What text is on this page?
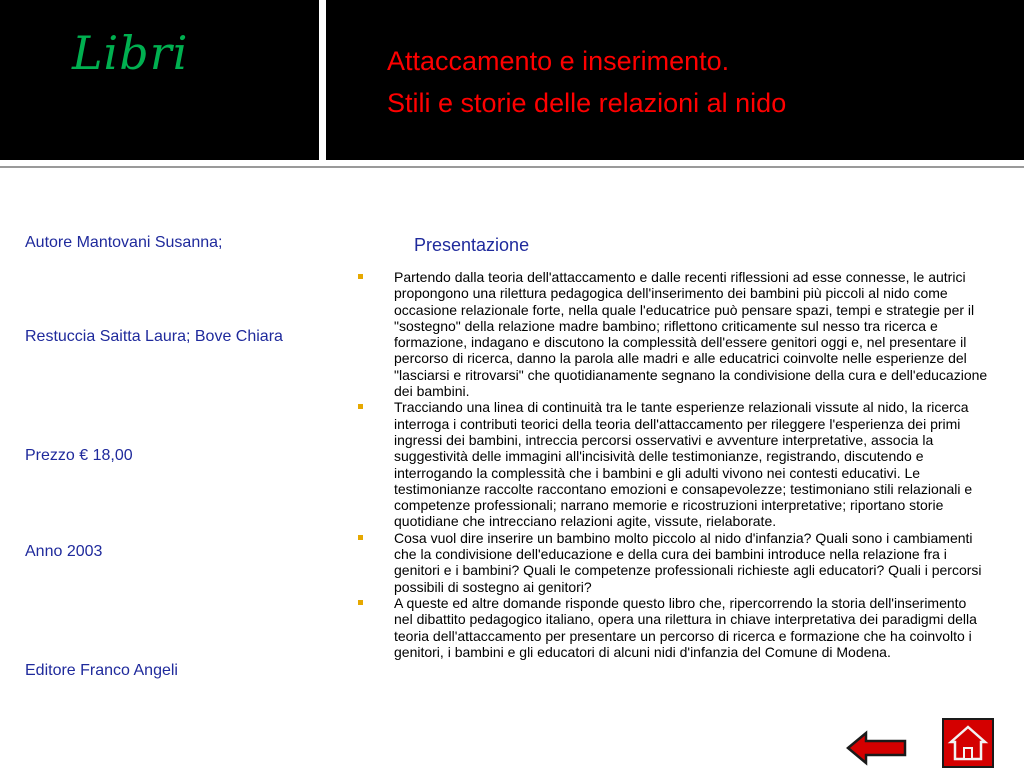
Libri	Attaccamento e inserimento.
Stili e storie delle relazioni al nido
Autore Mantovani Susanna;
Restuccia Saitta Laura; Bove Chiara
Prezzo € 18,00
Anno 2003
Editore Franco Angeli
Presentazione
Partendo dalla teoria dell'attaccamento e dalle recenti riflessioni ad esse connesse, le autrici propongono una rilettura pedagogica dell'inserimento dei bambini più piccoli al nido come occasione relazionale forte, nella quale l'educatrice può pensare spazi, tempi e strategie per il "sostegno" della relazione madre bambino; riflettono criticamente sul nesso tra ricerca e formazione, indagano e discutono la complessità dell'essere genitori oggi e, nel presentare il percorso di ricerca, danno la parola alle madri e alle educatrici coinvolte nelle esperienze del "lasciarsi e ritrovarsi" che quotidianamente segnano la condivisione della cura e dell'educazione dei bambini.
Tracciando una linea di continuità tra le tante esperienze relazionali vissute al nido, la ricerca interroga i contributi teorici della teoria dell'attaccamento per rileggere l'esperienza dei primi ingressi dei bambini, intreccia percorsi osservativi e avventure interpretative, associa la suggestività delle immagini all'incisività delle testimonianze, registrando, discutendo e interrogando la complessità che i bambini e gli adulti vivono nei contesti educativi. Le testimonianze raccolte raccontano emozioni e consapevolezze; testimoniano stili relazionali e competenze professionali; narrano memorie e ricostruzioni interpretative; riportano storie quotidiane che intrecciano relazioni agite, vissute, rielaborate.
Cosa vuol dire inserire un bambino molto piccolo al nido d'infanzia? Quali sono i cambiamenti che la condivisione dell'educazione e della cura dei bambini introduce nella relazione fra i genitori e i bambini? Quali le competenze professionali richieste agli educatori? Quali i percorsi possibili di sostegno ai genitori?
A queste ed altre domande risponde questo libro che, ripercorrendo la storia dell'inserimento nel dibattito pedagogico italiano, opera una rilettura in chiave interpretativa dei paradigmi della teoria dell'attaccamento per presentare un percorso di ricerca e formazione che ha coinvolto i genitori, i bambini e gli educatori di alcuni nidi d'infanzia del Comune di Modena.
